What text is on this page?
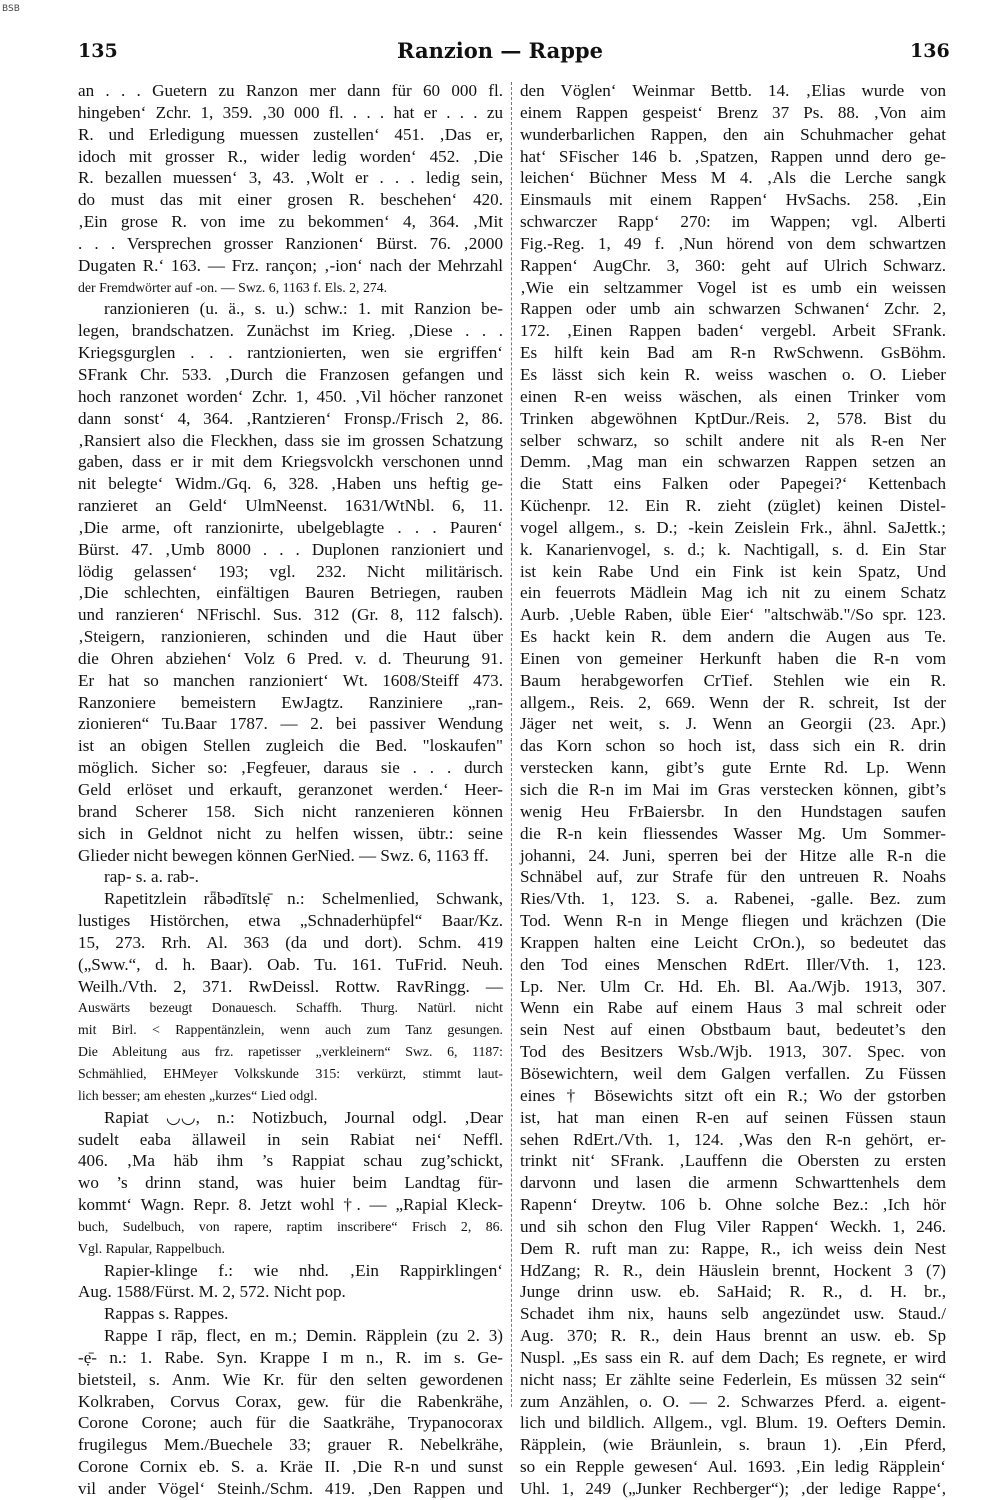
BSB
135	Ranzion — Rappe	136
an . . . Guetern zu Ranzon mer dann für 60 000 fl.
hingeben‘ Zchr. 1, 359. ‚30 000 fl. . . . hat er . . . zu
R. und Erledigung muessen zustellen‘ 451. ‚Das er,
idoch mit grosser R., wider ledig worden‘ 452. ‚Die
R. bezallen muessen‘ 3, 43. ‚Wolt er . . . ledig sein,
do must das mit einer grosen R. beschehen‘ 420.
‚Ein grose R. von ime zu bekommen‘ 4, 364. ‚Mit
. . . Versprechen grosser Ranzionen‘ Bürst. 76. ‚2000
Dugaten R.‘ 163. — Frz. rançon; ‚-ion‘ nach der Mehrzahl
der Fremdwörter auf -on. — Swz. 6, 1163 f. Els. 2, 274.
ranzionieren (u. ä., s. u.) schw.: 1. mit Ranzion be-
legen, brandschatzen. Zunächst im Krieg. ‚Diese . . .
Kriegsgurglen . . . rantzionierten, wen sie ergriffen‘
SFrank Chr. 533. ‚Durch die Franzosen gefangen und
hoch ranzonet worden‘ Zchr. 1, 450. ‚Vil höcher ranzonet
dann sonst‘ 4, 364. ‚Rantzieren‘ Fronsp./Frisch 2, 86.
‚Ransiert also die Fleckhen, dass sie im grossen Schatzung
gaben, dass er ir mit dem Kriegsvolckh verschonen unnd
nit belegte‘ Widm./Gq. 6, 328. ‚Haben uns heftig ge-
ranzieret an Geld‘ UlmNeenst. 1631/WtNbl. 6, 11.
‚Die arme, oft ranzionirte, ubelgeblagte . . . Pauren‘
Bürst. 47. ‚Umb 8000 . . . Duplonen ranzioniert und
lödig gelassen‘ 193; vgl. 232. Nicht militärisch.
‚Die schlechten, einfältigen Bauren Betriegen, rauben
und ranzieren‘ NFrischl. Sus. 312 (Gr. 8, 112 falsch).
‚Steigern, ranzionieren, schinden und die Haut über
die Ohren abziehen‘ Volz 6 Pred. v. d. Theurung 91.
Er hat so manchen ranzioniert‘ Wt. 1608/Steiff 473.
Ranzoniere bemeistern EwJagtz. Ranziniere „ran-
zionieren“ Tu.Baar 1787. — 2. bei passiver Wendung
ist an obigen Stellen zugleich die Bed. "loskaufen"
möglich. Sicher so: ‚Fegfeuer, daraus sie . . . durch
Geld erlöset und erkauft, geranzonet werden.‘ Heer-
brand Scherer 158. Sich nicht ranzenieren können
sich in Geldnot nicht zu helfen wissen, übtr.: seine
Glieder nicht bewegen können GerNied. — Swz. 6, 1163 ff.
rap- s. a. rab-.
Rapetitzlein rǟbədītslẹ̄ n.: Schelmenlied, Schwank,
lustiges Histörchen, etwa „Schnaderhüpfel“ Baar/Kz.
15, 273. Rrh. Al. 363 (da und dort). Schm. 419
(„Sww.“, d. h. Baar). Oab. Tu. 161. TuFrid. Neuh.
Weilh./Vth. 2, 371. RwDeissl. Rottw. RavRingg. —
Auswärts bezeugt Donauesch. Schaffh. Thurg. Natürl. nicht
mit Birl. < Rappentänzlein, wenn auch zum Tanz gesungen.
Die Ableitung aus frz. rapetisser „verkleinern“ Swz. 6, 1187:
Schmählied, EHMeyer Volkskunde 315: verkürzt, stimmt laut-
lich besser; am ehesten „kurzes“ Lied odgl.
Rapiat ◡◡, n.: Notizbuch, Journal odgl. ‚Dear
sudelt eaba ällaweil in sein Rabiat nei‘ Neffl.
406. ‚Ma häb ihm ’s Rappiat schau zug’schickt,
wo ’s drinn stand, was huier beim Landtag für-
kommt‘ Wagn. Repr. 8. Jetzt wohl †. — „Rapial Kleck-
buch, Sudelbuch, von rapere, raptim inscribere“ Frisch 2, 86.
Vgl. Rapular, Rappelbuch.
Rapier-klinge f.: wie nhd. ‚Ein Rappirklingen‘
Aug. 1588/Fürst. M. 2, 572. Nicht pop.
Rappas s. Rappes.
Rappe I rāp, flect, en m.; Demin. Räpplein (zu 2. 3)
-ẹ̄- n.: 1. Rabe. Syn. Krappe I m n., R. im s. Ge-
bietsteil, s. Anm. Wie Kr. für den selten gewordenen
Kolkraben, Corvus Corax, gew. für die Rabenkrähe,
Corone Corone; auch für die Saatkrähe, Trypanocorax
frugilegus Mem./Buechele 33; grauer R. Nebelkrähe,
Corone Cornix eb. S. a. Kräe II. ‚Die R-n und sunst
vil ander Vögel‘ Steinh./Schm. 419. ‚Den Rappen und
den Vöglen‘ Weinmar Bettb. 14. ‚Elias wurde von
einem Rappen gespeist‘ Brenz 37 Ps. 88. ‚Von aim
wunderbarlichen Rappen, den ain Schuhmacher gehat
hat‘ SFischer 146 b. ‚Spatzen, Rappen unnd dero ge-
leichen‘ Büchner Mess M 4. ‚Als die Lerche sangk
Einsmauls mit einem Rappen‘ HvSachs. 258. ‚Ein
schwarczer Rapp‘ 270: im Wappen; vgl. Alberti
Fig.-Reg. 1, 49 f. ‚Nun hörend von dem schwartzen
Rappen‘ AugChr. 3, 360: geht auf Ulrich Schwarz.
‚Wie ein seltzammer Vogel ist es umb ein weissen
Rappen oder umb ain schwarzen Schwanen‘ Zchr. 2,
172. ‚Einen Rappen baden‘ vergebl. Arbeit SFrank.
Es hilft kein Bad am R-n RwSchwenn. GsBöhm.
Es lässt sich kein R. weiss waschen o. O. Lieber
einen R-en weiss wäschen, als einen Trinker vom
Trinken abgewöhnen KptDur./Reis. 2, 578. Bist du
selber schwarz, so schilt andere nit als R-en Ner
Demm. ‚Mag man ein schwarzen Rappen setzen an
die Statt eins Falken oder Papegei?‘ Kettenbach
Küchenpr. 12. Ein R. zieht (züglet) keinen Distel-
vogel allgem., s. D.; -kein Zeislein Frk., ähnl. SaJettk.;
k. Kanarienvogel, s. d.; k. Nachtigall, s. d. Ein Star
ist kein Rabe Und ein Fink ist kein Spatz, Und
ein feuerrots Mädlein Mag ich nit zu einem Schatz
Aurb. ‚Ueble Raben, üble Eier‘ "altschwäb."/So spr. 123.
Es hackt kein R. dem andern die Augen aus Te.
Einen von gemeiner Herkunft haben die R-n vom
Baum herabgeworfen CrTief. Stehlen wie ein R.
allgem., Reis. 2, 669. Wenn der R. schreit, Ist der
Jäger net weit, s. J. Wenn an Georgii (23. Apr.)
das Korn schon so hoch ist, dass sich ein R. drin
verstecken kann, gibt’s gute Ernte Rd. Lp. Wenn
sich die R-n im Mai im Gras verstecken können, gibt’s
wenig Heu FrBaiersbr. In den Hundstagen saufen
die R-n kein fliessendes Wasser Mg. Um Sommer-
johanni, 24. Juni, sperren bei der Hitze alle R-n die
Schnäbel auf, zur Strafe für den untreuen R. Noahs
Ries/Vth. 1, 123. S. a. Rabenei, -galle. Bez. zum
Tod. Wenn R-n in Menge fliegen und krächzen (Die
Krappen halten eine Leicht CrOn.), so bedeutet das
den Tod eines Menschen RdErt. Iller/Vth. 1, 123.
Lp. Ner. Ulm Cr. Hd. Eh. Bl. Aa./Wjb. 1913, 307.
Wenn ein Rabe auf einem Haus 3 mal schreit oder
sein Nest auf einen Obstbaum baut, bedeutet’s den
Tod des Besitzers Wsb./Wjb. 1913, 307. Spec. von
Bösewichtern, weil dem Galgen verfallen. Zu Füssen
eines † Bösewichts sitzt oft ein R.; Wo der gstorben
ist, hat man einen R-en auf seinen Füssen staun
sehen RdErt./Vth. 1, 124. ‚Was den R-n gehört, er-
trinkt nit‘ SFrank. ‚Lauffenn die Obersten zu ersten
darvonn und lasen die armenn Schwarttenhels dem
Rapenn‘ Dreytw. 106 b. Ohne solche Bez.: ‚Ich hör
und sih schon den Flug Viler Rappen‘ Weckh. 1, 246.
Dem R. ruft man zu: Rappe, R., ich weiss dein Nest
HdZang; R. R., dein Häuslein brennt, Hockent 3 (7)
Junge drinn usw. eb. SaHaid; R. R., d. H. br.,
Schadet ihm nix, hauns selb angezündet usw. Staud./
Aug. 370; R. R., dein Haus brennt an usw. eb. Sp
Nuspl. „Es sass ein R. auf dem Dach; Es regnete, er wird
nicht nass; Er zählte seine Federlein, Es müssen 32 sein“
zum Anzählen, o. O. — 2. Schwarzes Pferd. a. eigent-
lich und bildlich. Allgem., vgl. Blum. 19. Oefters Demin.
Räpplein, (wie Bräunlein, s. braun 1). ‚Ein Pferd,
so ein Repple gewesen‘ Aul. 1693. ‚Ein ledig Räpplein‘
Uhl. 1, 249 („Junker Rechberger“); ‚der ledige Rappe‘,
